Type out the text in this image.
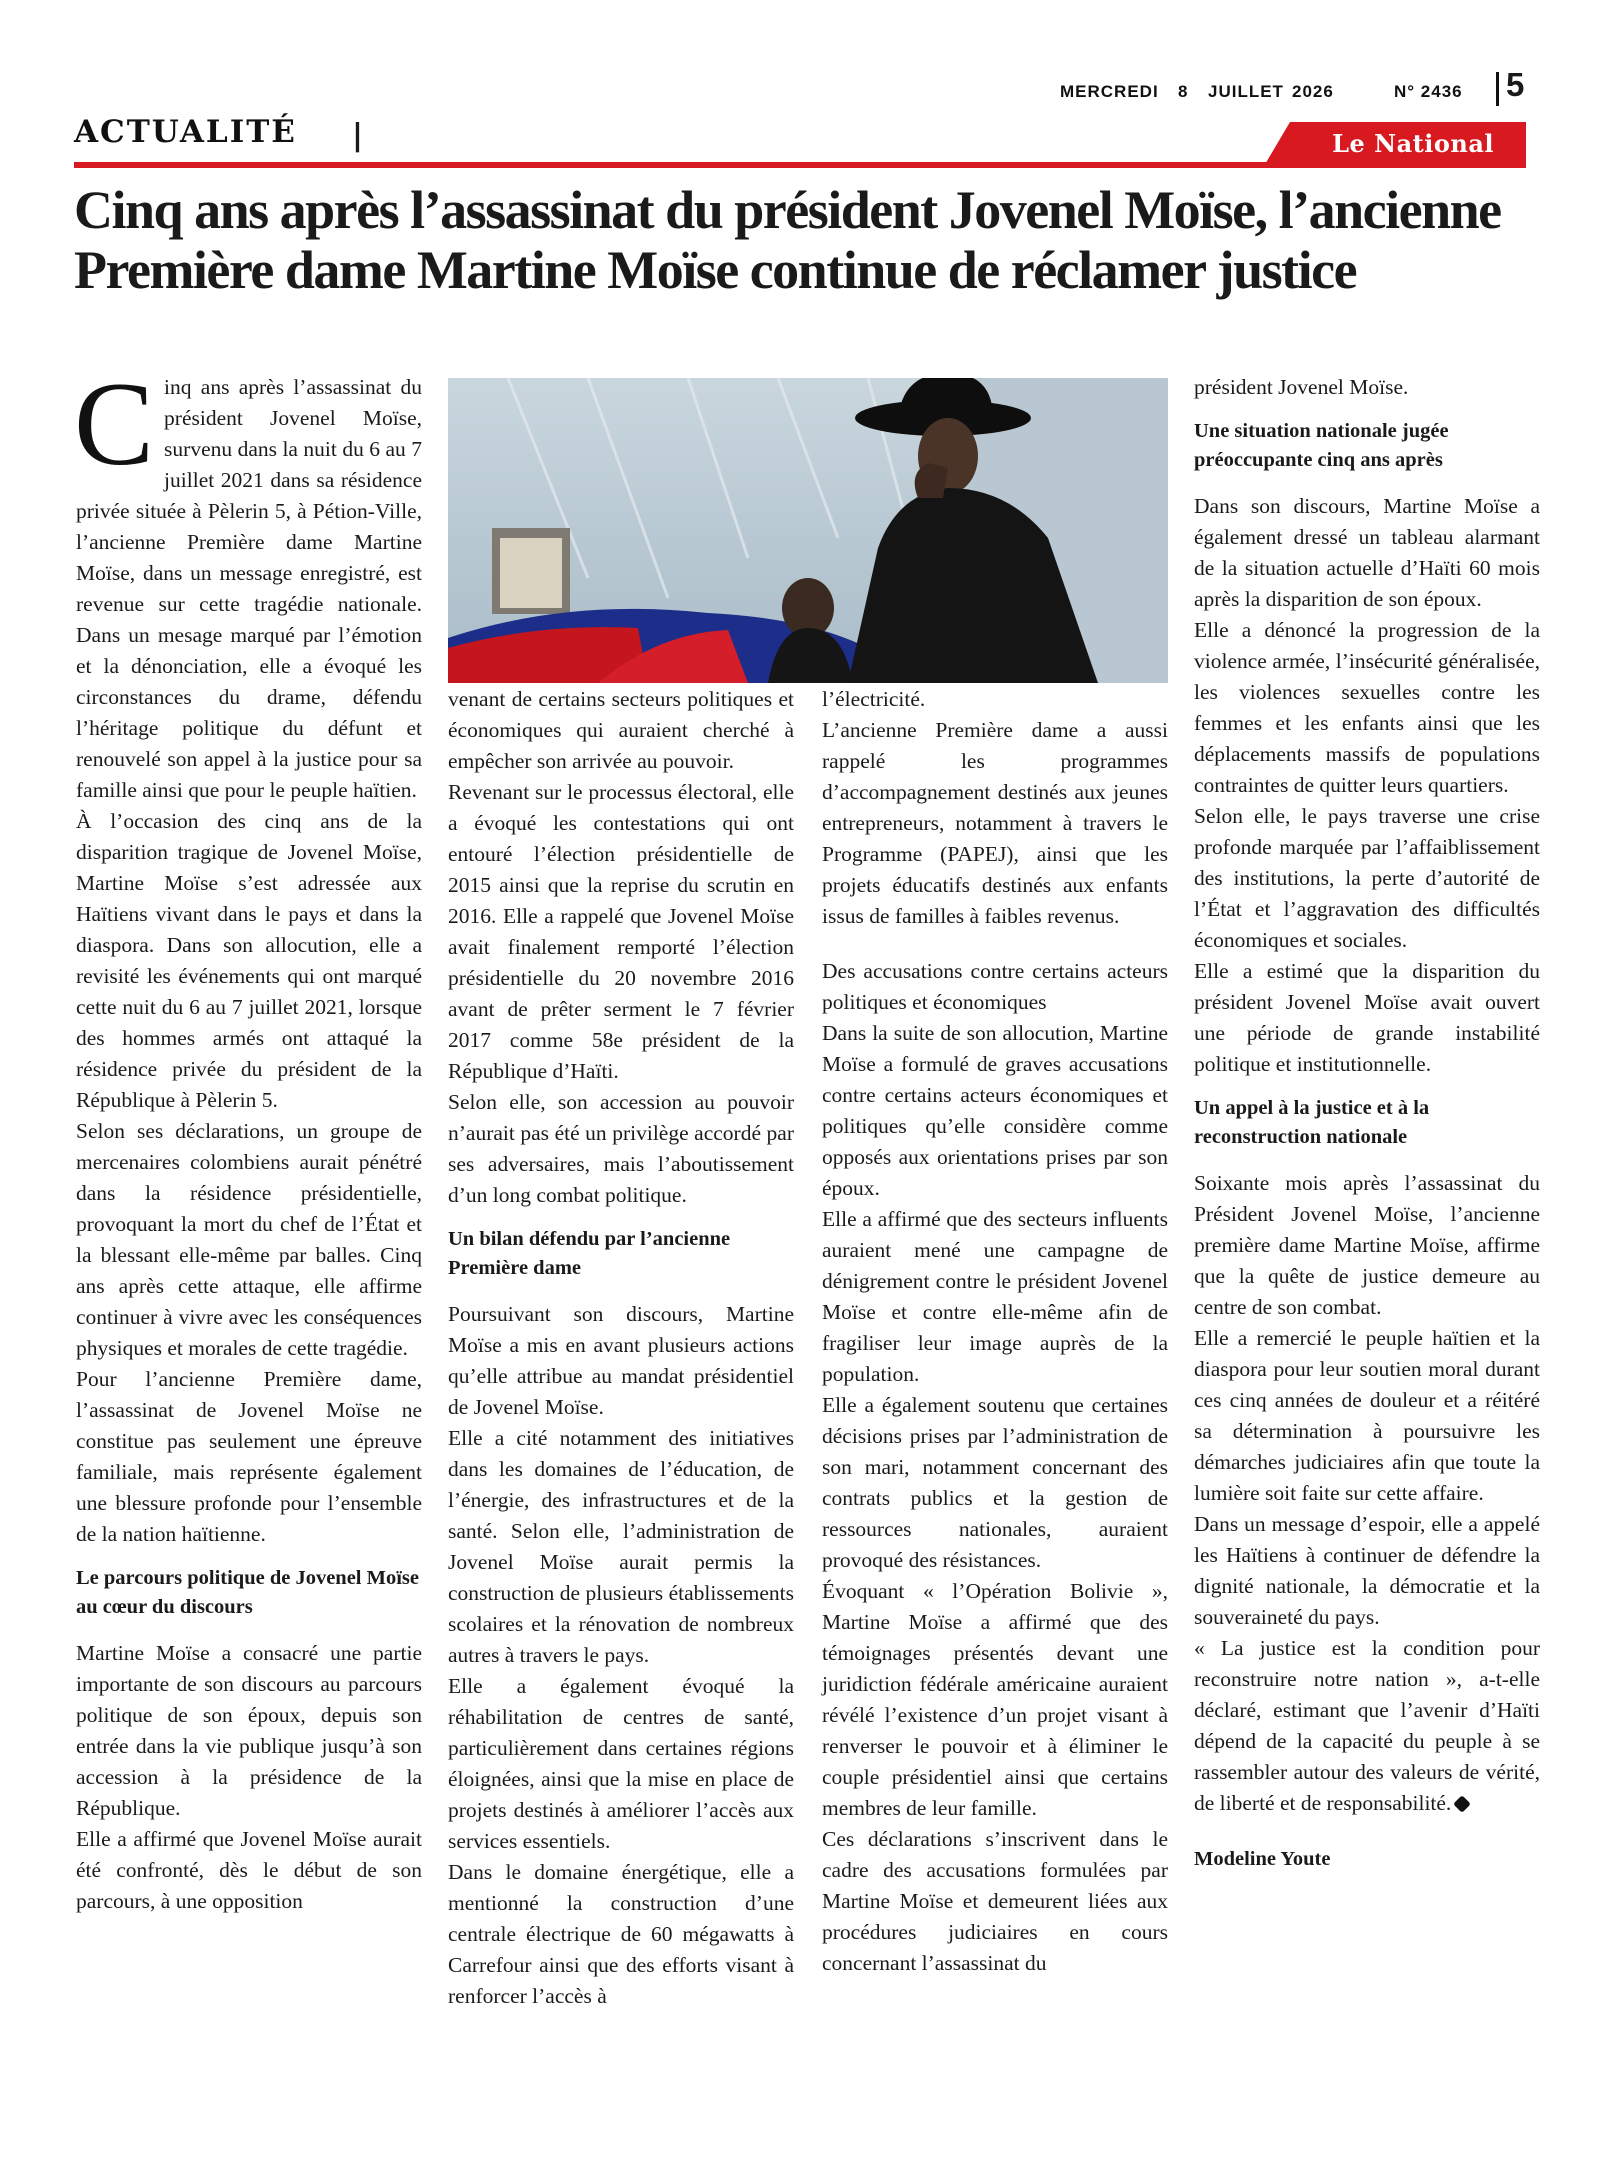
MERCREDI 8 JUILLET 2026	N° 2436 5
ACTUALITÉ |	Le National
Cinq ans après l’assassinat du président Jovenel Moïse, l’ancienne Première dame Martine Moïse continue de réclamer justice

Cinq ans après l’assassinat du président Jovenel Moïse, survenu dans la nuit du 6 au 7 juillet 2021 dans sa résidence privée située à Pèlerin 5, à Pétion-Ville, l’ancienne Première dame Martine Moïse, dans un message enregistré, est revenue sur cette tragédie nationale. Dans un mesage marqué par l’émotion et la dénonciation, elle a évoqué les circonstances du drame, défendu l’héritage politique du défunt et renouvelé son appel à la justice pour sa famille ainsi que pour le peuple haïtien.

À l’occasion des cinq ans de la disparition tragique de Jovenel Moïse, Martine Moïse s’est adressée aux Haïtiens vivant dans le pays et dans la diaspora. Dans son allocution, elle a revisité les événements qui ont marqué cette nuit du 6 au 7 juillet 2021, lorsque des hommes armés ont attaqué la résidence privée du président de la République à Pèlerin 5.

Selon ses déclarations, un groupe de mercenaires colombiens aurait pénétré dans la résidence présidentielle, provoquant la mort du chef de l’État et la blessant elle-même par balles. Cinq ans après cette attaque, elle affirme continuer à vivre avec les conséquences physiques et morales de cette tragédie.

Pour l’ancienne Première dame, l’assassinat de Jovenel Moïse ne constitue pas seulement une épreuve familiale, mais représente également une blessure profonde pour l’ensemble de la nation haïtienne.

Le parcours politique de Jovenel Moïse au cœur du discours

Martine Moïse a consacré une partie importante de son discours au parcours politique de son époux, depuis son entrée dans la vie publique jusqu’à son accession à la présidence de la République.

Elle a affirmé que Jovenel Moïse aurait été confronté, dès le début de son parcours, à une opposition

venant de certains secteurs politiques et économiques qui auraient cherché à empêcher son arrivée au pouvoir.

Revenant sur le processus électoral, elle a évoqué les contestations qui ont entouré l’élection présidentielle de 2015 ainsi que la reprise du scrutin en 2016. Elle a rappelé que Jovenel Moïse avait finalement remporté l’élection présidentielle du 20 novembre 2016 avant de prêter serment le 7 février 2017 comme 58e président de la République d’Haïti.

Selon elle, son accession au pouvoir n’aurait pas été un privilège accordé par ses adversaires, mais l’aboutissement d’un long combat politique.

Un bilan défendu par l’ancienne Première dame

Poursuivant son discours, Martine Moïse a mis en avant plusieurs actions qu’elle attribue au mandat présidentiel de Jovenel Moïse.

Elle a cité notamment des initiatives dans les domaines de l’éducation, de l’énergie, des infrastructures et de la santé. Selon elle, l’administration de Jovenel Moïse aurait permis la construction de plusieurs établissements scolaires et la rénovation de nombreux autres à travers le pays.

Elle a également évoqué la réhabilitation de centres de santé, particulièrement dans certaines régions éloignées, ainsi que la mise en place de projets destinés à améliorer l’accès aux services essentiels.

Dans le domaine énergétique, elle a mentionné la construction d’une centrale électrique de 60 mégawatts à Carrefour ainsi que des efforts visant à renforcer l’accès à

l’électricité.

L’ancienne Première dame a aussi rappelé les programmes d’accompagnement destinés aux jeunes entrepreneurs, notamment à travers le Programme (PAPEJ), ainsi que les projets éducatifs destinés aux enfants issus de familles à faibles revenus.

Des accusations contre certains acteurs politiques et économiques

Dans la suite de son allocution, Martine Moïse a formulé de graves accusations contre certains acteurs économiques et politiques qu’elle considère comme opposés aux orientations prises par son époux.

Elle a affirmé que des secteurs influents auraient mené une campagne de dénigrement contre le président Jovenel Moïse et contre elle-même afin de fragiliser leur image auprès de la population.

Elle a également soutenu que certaines décisions prises par l’administration de son mari, notamment concernant des contrats publics et la gestion de ressources nationales, auraient provoqué des résistances.

Évoquant « l’Opération Bolivie », Martine Moïse a affirmé que des témoignages présentés devant une juridiction fédérale américaine auraient révélé l’existence d’un projet visant à renverser le pouvoir et à éliminer le couple présidentiel ainsi que certains membres de leur famille.

Ces déclarations s’inscrivent dans le cadre des accusations formulées par Martine Moïse et demeurent liées aux procédures judiciaires en cours concernant l’assassinat du

président Jovenel Moïse.

Une situation nationale jugée préoccupante cinq ans après

Dans son discours, Martine Moïse a également dressé un tableau alarmant de la situation actuelle d’Haïti 60 mois après la disparition de son époux.

Elle a dénoncé la progression de la violence armée, l’insécurité généralisée, les violences sexuelles contre les femmes et les enfants ainsi que les déplacements massifs de populations contraintes de quitter leurs quartiers.

Selon elle, le pays traverse une crise profonde marquée par l’affaiblissement des institutions, la perte d’autorité de l’État et l’aggravation des difficultés économiques et sociales.

Elle a estimé que la disparition du président Jovenel Moïse avait ouvert une période de grande instabilité politique et institutionnelle.

Un appel à la justice et à la reconstruction nationale

Soixante mois après l’assassinat du Président Jovenel Moïse, l’ancienne première dame Martine Moïse, affirme que la quête de justice demeure au centre de son combat.

Elle a remercié le peuple haïtien et la diaspora pour leur soutien moral durant ces cinq années de douleur et a réitéré sa détermination à poursuivre les démarches judiciaires afin que toute la lumière soit faite sur cette affaire.

Dans un message d’espoir, elle a appelé les Haïtiens à continuer de défendre la dignité nationale, la démocratie et la souveraineté du pays.

« La justice est la condition pour reconstruire notre nation », a-t-elle déclaré, estimant que l’avenir d’Haïti dépend de la capacité du peuple à se rassembler autour des valeurs de vérité, de liberté et de responsabilité.

Modeline Youte
